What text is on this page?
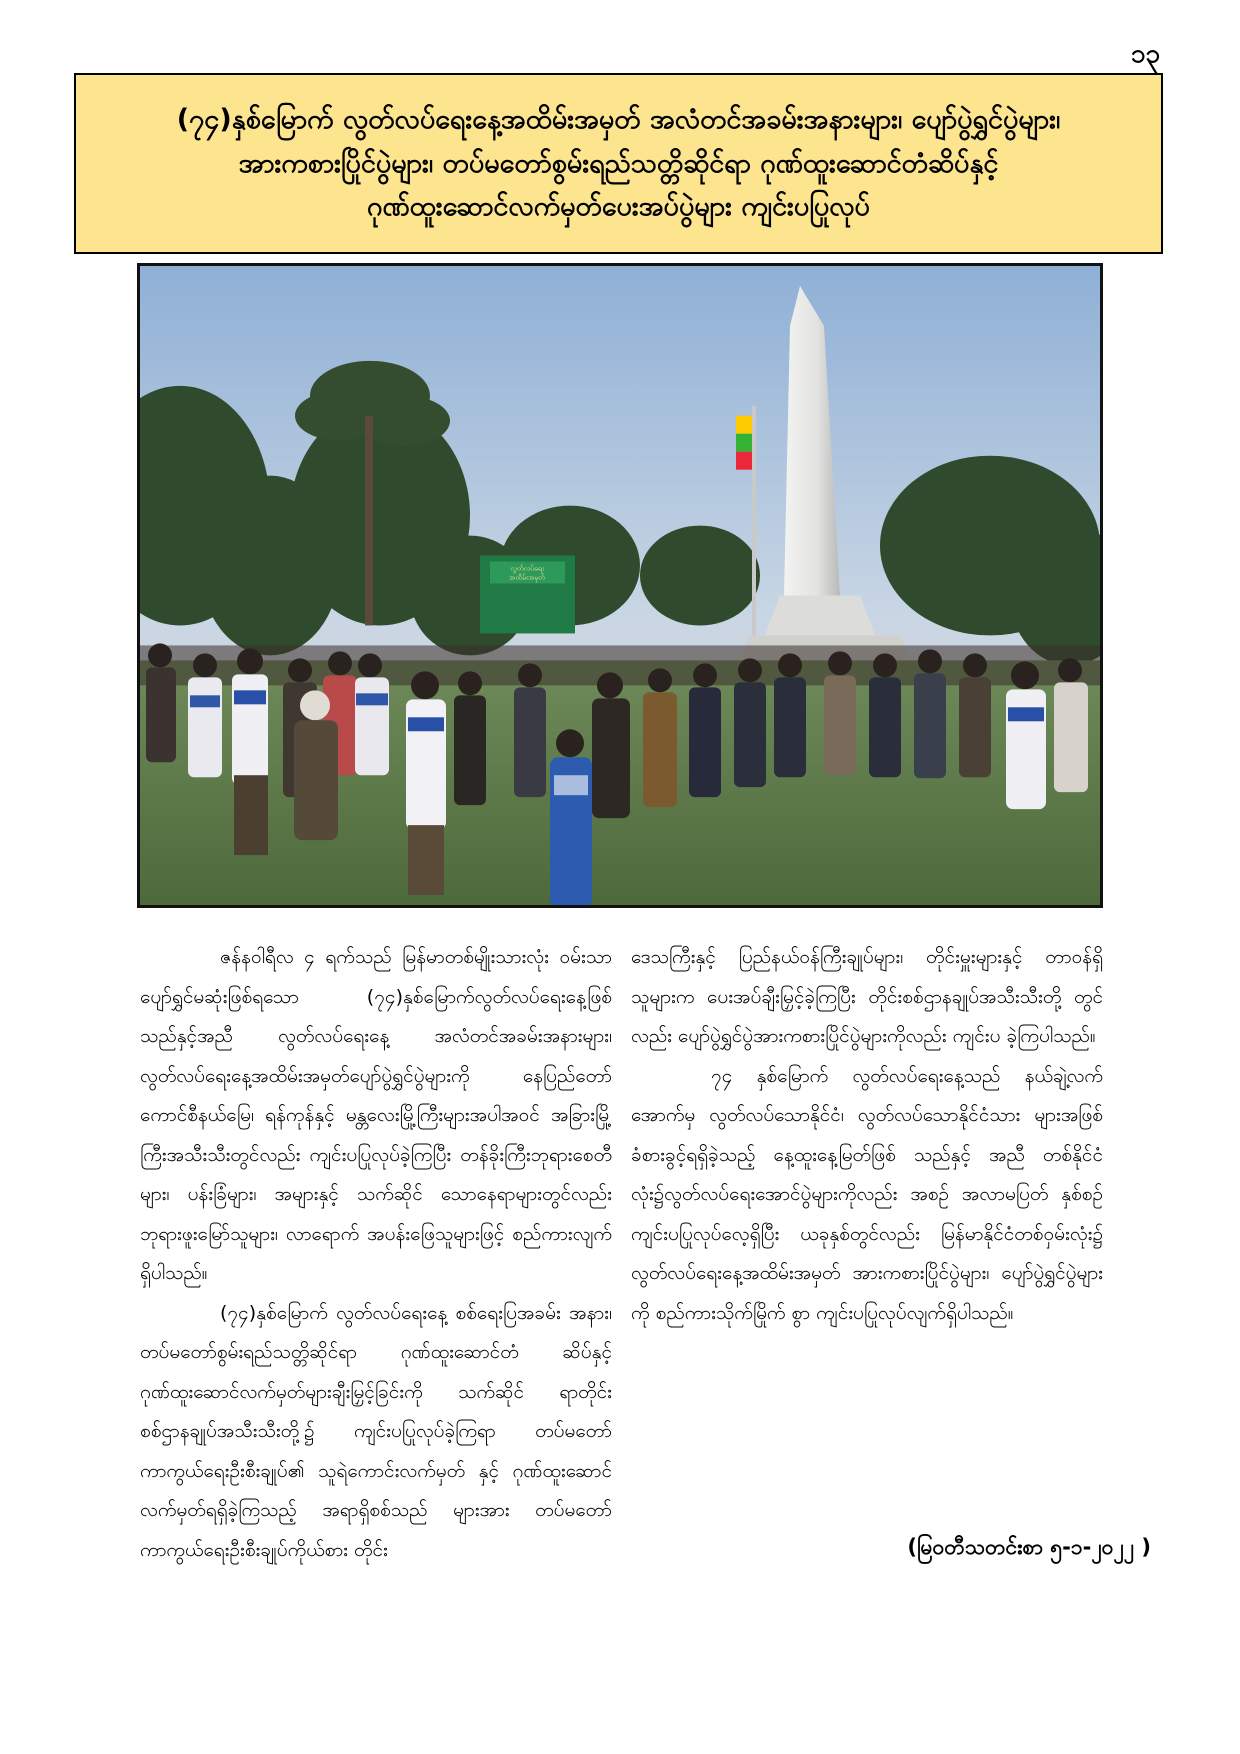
၁၃
(၇၄)နှစ်မြောက် လွတ်လပ်ရေးနေ့အထိမ်းအမှတ် အလံတင်အခမ်းအနားများ၊ ပျော်ပွဲရွှင်ပွဲများ၊
အားကစားပြိုင်ပွဲများ၊ တပ်မတော်စွမ်းရည်သတ္တိဆိုင်ရာ ဂုဏ်ထူးဆောင်တံဆိပ်နှင့်
ဂုဏ်ထူးဆောင်လက်မှတ်ပေးအပ်ပွဲများ ကျင်းပပြုလုပ်
လွတ်လပ်ရေး
အထိမ်းအမှတ်

ဇန်နဝါရီလ ၄ ရက်သည် မြန်မာတစ်မျိုးသားလုံး ဝမ်းသာ ပျော်ရွှင်မဆုံးဖြစ်ရသော (၇၄)နှစ်မြောက်လွတ်လပ်ရေးနေ့ဖြစ် သည်နှင့်အညီ လွတ်လပ်ရေးနေ့ အလံတင်အခမ်းအနားများ၊ လွတ်လပ်ရေးနေ့အထိမ်းအမှတ်ပျော်ပွဲရွှင်ပွဲများကို နေပြည်တော် ကောင်စီနယ်မြေ၊ ရန်ကုန်နှင့် မန္တလေးမြို့ကြီးများအပါအဝင် အခြားမြို့ကြီးအသီးသီးတွင်လည်း ကျင်းပပြုလုပ်ခဲ့ကြပြီး တန်ခိုးကြီးဘုရားစေတီများ၊ ပန်းခြံများ၊ အများနှင့် သက်ဆိုင် သောနေရာများတွင်လည်း ဘုရားဖူးမြော်သူများ၊ လာရောက် အပန်းဖြေသူများဖြင့် စည်ကားလျက်ရှိပါသည်။

(၇၄)နှစ်မြောက် လွတ်လပ်ရေးနေ့ စစ်ရေးပြအခမ်း အနား၊ တပ်မတော်စွမ်းရည်သတ္တိဆိုင်ရာ ဂုဏ်ထူးဆောင်တံ ဆိပ်နှင့် ဂုဏ်ထူးဆောင်လက်မှတ်များချီးမြှင့်ခြင်းကို သက်ဆိုင် ရာတိုင်းစစ်ဌာနချုပ်အသီးသီးတို့၌ ကျင်းပပြုလုပ်ခဲ့ကြရာ တပ်မတော်ကာကွယ်ရေးဦးစီးချုပ်၏ သူရဲကောင်းလက်မှတ် နှင့် ဂုဏ်ထူးဆောင်လက်မှတ်ရရှိခဲ့ကြသည့် အရာရှိစစ်သည် များအား တပ်မတော်ကာကွယ်ရေးဦးစီးချုပ်ကိုယ်စား တိုင်း

ဒေသကြီးနှင့် ပြည်နယ်ဝန်ကြီးချုပ်များ၊ တိုင်းမှူးများနှင့် တာဝန်ရှိ သူများက ပေးအပ်ချီးမြှင့်ခဲ့ကြပြီး တိုင်းစစ်ဌာနချုပ်အသီးသီးတို့ တွင်လည်း ပျော်ပွဲရွှင်ပွဲအားကစားပြိုင်ပွဲများကိုလည်း ကျင်းပ ခဲ့ကြပါသည်။

၇၄ နှစ်မြောက် လွတ်လပ်ရေးနေ့သည် နယ်ချဲ့လက် အောက်မှ လွတ်လပ်သောနိုင်ငံ၊ လွတ်လပ်သောနိုင်ငံသား များအဖြစ် ခံစားခွင့်ရရှိခဲ့သည့် နေ့ထူးနေ့မြတ်ဖြစ် သည်နှင့် အညီ တစ်နိုင်ငံလုံး၌လွတ်လပ်ရေးအောင်ပွဲများကိုလည်း အစဉ် အလာမပြတ် နှစ်စဉ်ကျင်းပပြုလုပ်လေ့ရှိပြီး ယခုနှစ်တွင်လည်း မြန်မာနိုင်ငံတစ်ဝှမ်းလုံး၌ လွတ်လပ်ရေးနေ့အထိမ်းအမှတ် အားကစားပြိုင်ပွဲများ၊ ပျော်ပွဲရွှင်ပွဲများကို စည်ကားသိုက်မြိုက် စွာ ကျင်းပပြုလုပ်လျက်ရှိပါသည်။

(မြဝတီသတင်းစာ ၅-၁-၂၀၂၂ )
